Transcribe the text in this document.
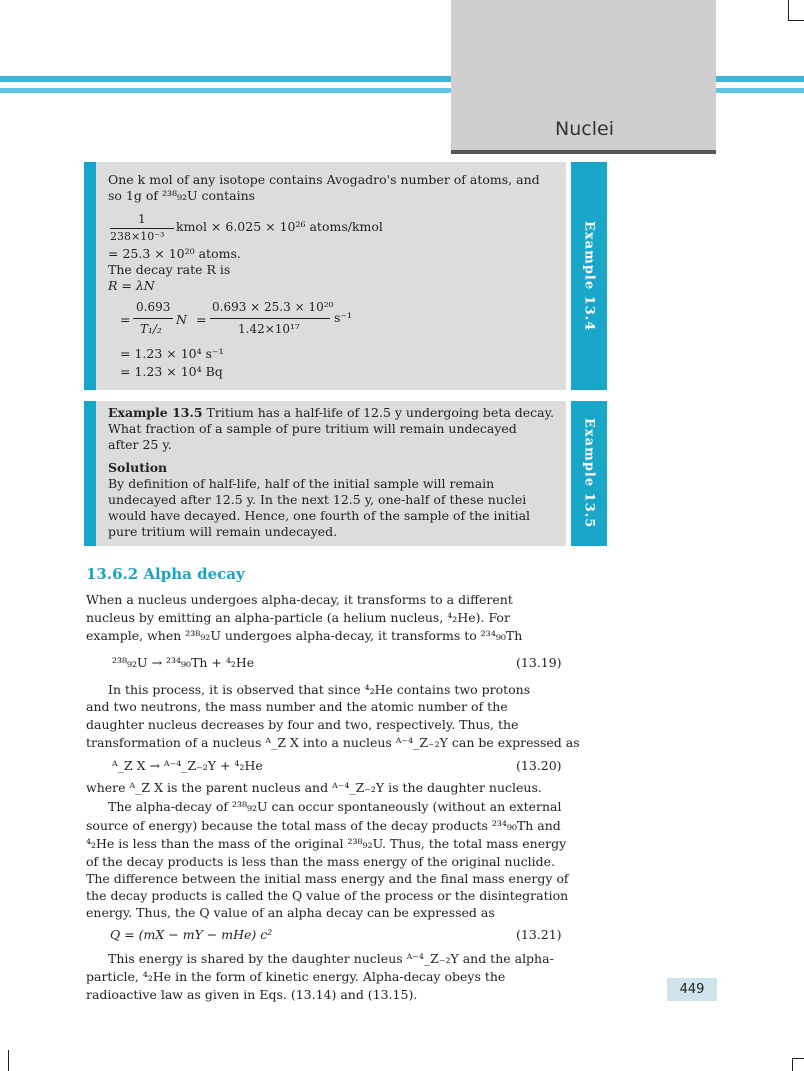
Nuclei
Example 13.4
One k mol of any isotope contains Avogadro's number of atoms, and
so 1g of ²³⁸₉₂U contains
1
238×10⁻³
kmol × 6.025 × 10²⁶ atoms/kmol
= 25.3 × 10²⁰ atoms.
The decay rate R is
R = λN
=
0.693
T₁/₂
N =
0.693 × 25.3 × 10²⁰
1.42×10¹⁷
s⁻¹
= 1.23 × 10⁴ s⁻¹
= 1.23 × 10⁴ Bq
Example 13.5
Example 13.5 Tritium has a half-life of 12.5 y undergoing beta decay.
What fraction of a sample of pure tritium will remain undecayed
after 25 y.
Solution
By definition of half-life, half of the initial sample will remain
undecayed after 12.5 y. In the next 12.5 y, one-half of these nuclei
would have decayed. Hence, one fourth of the sample of the initial
pure tritium will remain undecayed.
13.6.2 Alpha decay
When a nucleus undergoes alpha-decay, it transforms to a different
nucleus by emitting an alpha-particle (a helium nucleus, ⁴₂He). For
example, when ²³⁸₉₂U undergoes alpha-decay, it transforms to ²³⁴₉₀Th
²³⁸₉₂U → ²³⁴₉₀Th + ⁴₂He	(13.19)
In this process, it is observed that since ⁴₂He contains two protons
and two neutrons, the mass number and the atomic number of the
daughter nucleus decreases by four and two, respectively. Thus, the
transformation of a nucleus ᴬ_Z X into a nucleus ᴬ⁻⁴_Z₋₂Y can be expressed as
ᴬ_Z X → ᴬ⁻⁴_Z₋₂Y + ⁴₂He	(13.20)
where ᴬ_Z X is the parent nucleus and ᴬ⁻⁴_Z₋₂Y is the daughter nucleus.
The alpha-decay of ²³⁸₉₂U can occur spontaneously (without an external
source of energy) because the total mass of the decay products ²³⁴₉₀Th and
⁴₂He is less than the mass of the original ²³⁸₉₂U. Thus, the total mass energy
of the decay products is less than the mass energy of the original nuclide.
The difference between the initial mass energy and the final mass energy of
the decay products is called the Q value of the process or the disintegration
energy. Thus, the Q value of an alpha decay can be expressed as
Q = (mX − mY − mHe) c²	(13.21)
This energy is shared by the daughter nucleus ᴬ⁻⁴_Z₋₂Y and the alpha-
particle, ⁴₂He in the form of kinetic energy. Alpha-decay obeys the
radioactive law as given in Eqs. (13.14) and (13.15).	449
